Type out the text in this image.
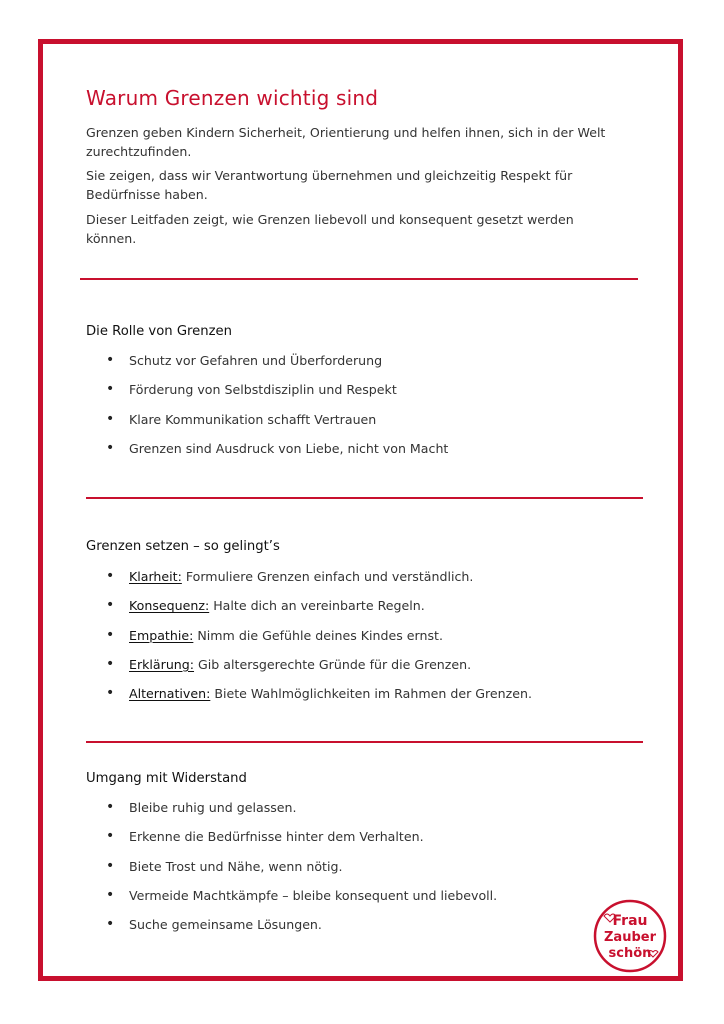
Warum Grenzen wichtig sind

Grenzen geben Kindern Sicherheit, Orientierung und helfen ihnen, sich in der Welt zurechtzufinden.

Sie zeigen, dass wir Verantwortung übernehmen und gleichzeitig Respekt für Bedürfnisse haben.

Dieser Leitfaden zeigt, wie Grenzen liebevoll und konsequent gesetzt werden können.

Die Rolle von Grenzen
• Schutz vor Gefahren und Überforderung
• Förderung von Selbstdisziplin und Respekt
• Klare Kommunikation schafft Vertrauen
• Grenzen sind Ausdruck von Liebe, nicht von Macht
Grenzen setzen – so gelingt’s
• Klarheit: Formuliere Grenzen einfach und verständlich.
• Konsequenz: Halte dich an vereinbarte Regeln.
• Empathie: Nimm die Gefühle deines Kindes ernst.
• Erklärung: Gib altersgerechte Gründe für die Grenzen.
• Alternativen: Biete Wahlmöglichkeiten im Rahmen der Grenzen.
Umgang mit Widerstand
• Bleibe ruhig und gelassen.
• Erkenne die Bedürfnisse hinter dem Verhalten.
• Biete Trost und Nähe, wenn nötig.
• Vermeide Machtkämpfe – bleibe konsequent und liebevoll.
• Suche gemeinsame Lösungen.	Frau
Zauber
schön
